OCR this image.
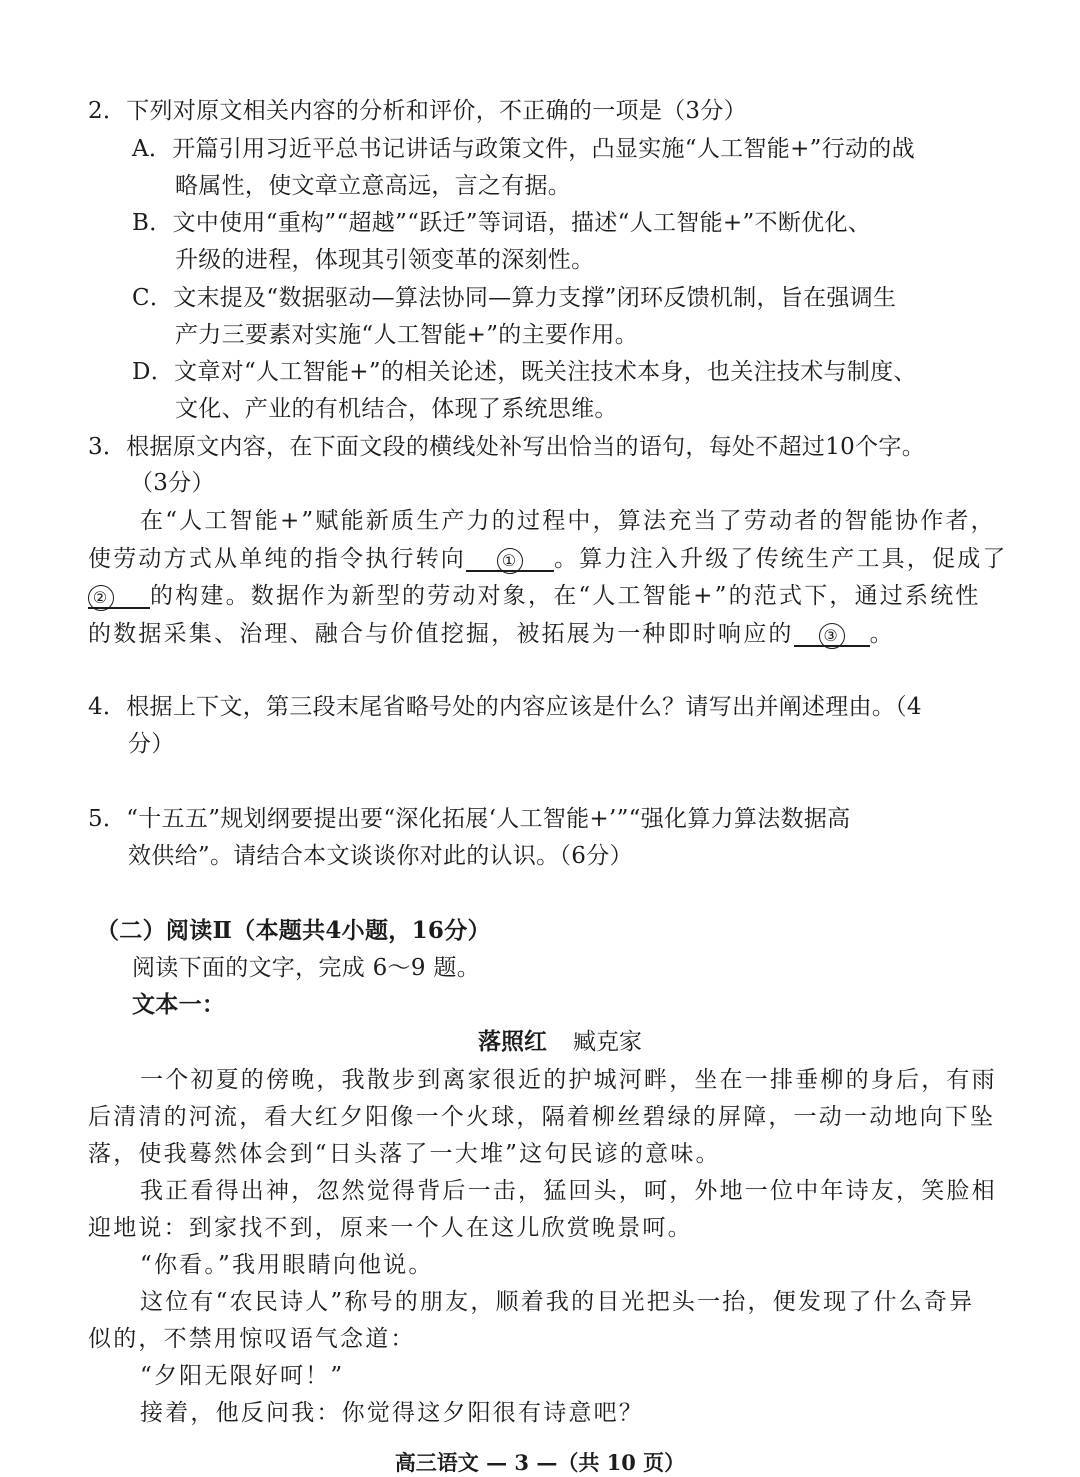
2．下列对原文相关内容的分析和评价，不正确的一项是（3分）
A．开篇引用习近平总书记讲话与政策文件，凸显实施“人工智能+”行动的战
略属性，使文章立意高远，言之有据。
B．文中使用“重构”“超越”“跃迁”等词语，描述“人工智能+”不断优化、
升级的进程，体现其引领变革的深刻性。
C．文末提及“数据驱动—算法协同—算力支撑”闭环反馈机制，旨在强调生
产力三要素对实施“人工智能+”的主要作用。
D．文章对“人工智能+”的相关论述，既关注技术本身，也关注技术与制度、
文化、产业的有机结合，体现了系统思维。
3．根据原文内容，在下面文段的横线处补写出恰当的语句，每处不超过10个字。
（3分）
在“人工智能+”赋能新质生产力的过程中，算法充当了劳动者的智能协作者，
使劳动方式从单纯的指令执行转向 ① 。算力注入升级了传统生产工具，促成了
② 的构建。数据作为新型的劳动对象，在“人工智能+”的范式下，通过系统性
的数据采集、治理、融合与价值挖掘，被拓展为一种即时响应的 ③ 。
4．根据上下文，第三段末尾省略号处的内容应该是什么？请写出并阐述理由。（4
分）
5．“十五五”规划纲要提出要“深化拓展‘人工智能+’”“强化算力算法数据高
效供给”。请结合本文谈谈你对此的认识。（6分）
（二）阅读Ⅱ（本题共4小题，16分）
阅读下面的文字，完成 6～9 题。
文本一：
落照红 臧克家
一个初夏的傍晚，我散步到离家很近的护城河畔，坐在一排垂柳的身后，有雨
后清清的河流，看大红夕阳像一个火球，隔着柳丝碧绿的屏障，一动一动地向下坠
落，使我蓦然体会到“日头落了一大堆”这句民谚的意味。
我正看得出神，忽然觉得背后一击，猛回头，呵，外地一位中年诗友，笑脸相
迎地说：到家找不到，原来一个人在这儿欣赏晚景呵。
“你看。”我用眼睛向他说。
这位有“农民诗人”称号的朋友，顺着我的目光把头一抬，便发现了什么奇异
似的，不禁用惊叹语气念道：
“夕阳无限好呵！”
接着，他反问我：你觉得这夕阳很有诗意吧？
高三语文 — 3 —（共 10 页）
